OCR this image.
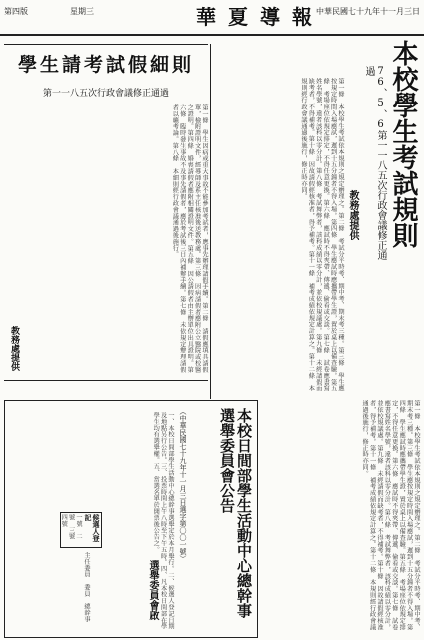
第四版	星期三	華夏導報
中華民國七十九年十一月三日
本校學生考試規則
76、5、6第一一八五次行政會議修正通過
教務處提供
第一條　本校學生考試依本規則之規定辦理之。第二條　考試分平時考、期中考、期末考三種。第三條　學生應按規定時間入場應試，遲到十五分鐘者不得入場。第四條　學生應試時應攜帶學生證，置於桌上以備查驗。第五條　考場座位依規定排定，不得任意更換。第六條　應試時不得夾帶、傳遞、偷看或交談。第七條　試卷應書寫姓名學號，違者該科以零分計。第八條　考試舞弊者，該科成績以零分計，並依校規議處。第九條　未經請假而缺考者，不得補考。第十條　因故請假經核准者，得予補考。第十一條　補考成績依規定計算之。第十二條　本規則經行政會議通過後施行，修正時亦同。
第一條　本校學生考試依本規則之規定辦理之。第二條　考試分平時考、期中考、期末考三種。第三條　學生應按規定時間入場應試，遲到十五分鐘者不得入場。第四條　學生應試時應攜帶學生證，置於桌上以備查驗。第五條　考場座位依規定排定，不得任意更換。第六條　應試時不得夾帶、傳遞、偷看或交談。第七條　試卷應書寫姓名學號，違者該科以零分計。第八條　考試舞弊者，該科成績以零分計，並依校規議處。第九條　未經請假而缺考者，不得補考。第十條　因故請假經核准者，得予補考。第十一條　補考成績依規定計算之。第十二條　本規則經行政會議通過後施行，修正時亦同。
學生請考試假細則
第一一八五次行政會議修正通過
第一條　學生因病或重大事故不能參加考試者，應事先辦理請假手續。第二條　請假應填具請假單，檢附證明文件，經導師及系主任核准後送教務處。第三條　因病請假者應附公立醫院或校醫之證明。第四條　婚喪請假者應附相關證明文件。第五條　因公請假者由主辦單位出具證明。第六條　臨時發生事故不及事先請假者，應於考試後三日內補辦手續。第七條　未依規定辦理請假者以曠考論。第八條　本細則經行政會議通過後施行。
教務處提供
本校日間部學生活動中心總幹事選舉委員會公告
（中華民國七十九年十一月三日選字第〇〇一號）
一、本校日間部學生活動中心總幹事選舉定於本月舉行。二、候選人登記日期及地點另行公告。三、投票時間上午八時至下午五時。四、凡本校日間部在學學生均有選舉權。五、當選名單於開票後公告之。
選舉委員會啟
候選人登記
一號　二號　三號　四號
主任委員　委員　總幹事
